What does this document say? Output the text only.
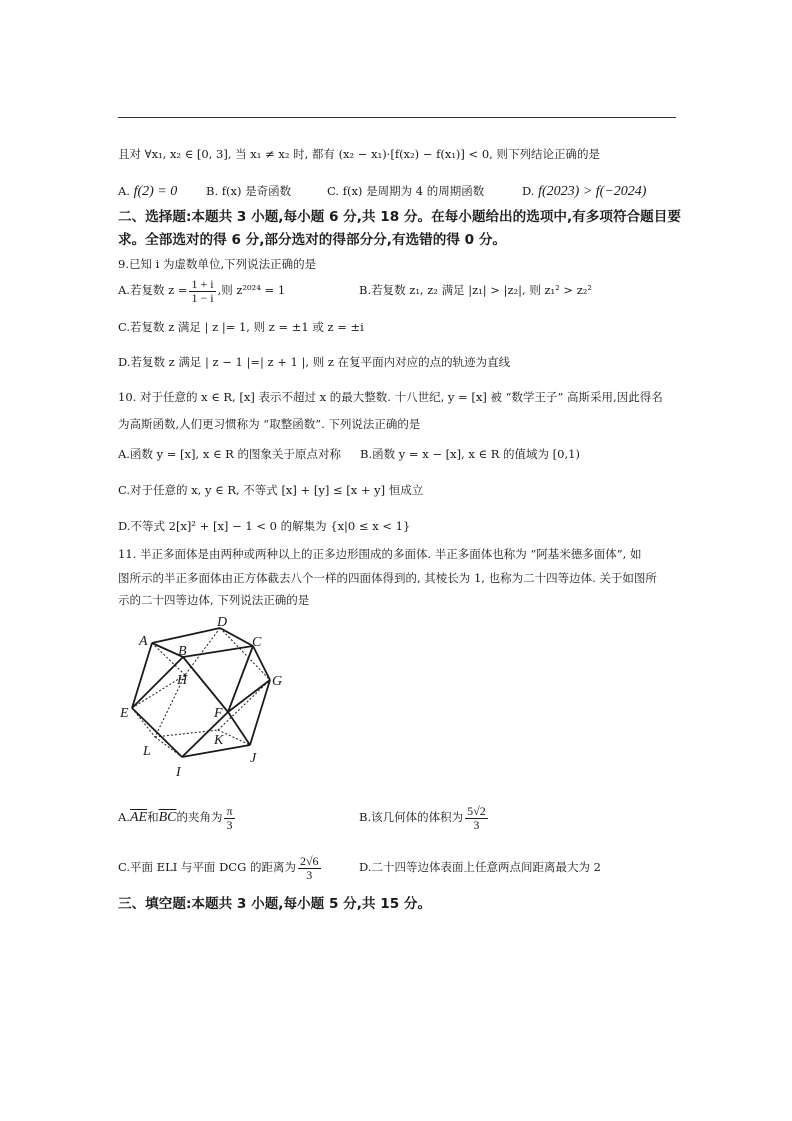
且对 ∀x₁, x₂ ∈ [0, 3], 当 x₁ ≠ x₂ 时, 都有 (x₂ − x₁)·[f(x₂) − f(x₁)] < 0, 则下列结论正确的是
A. f(2) = 0 B. f(x) 是奇函数	C. f(x) 是周期为 4 的周期函数	D. f(2023) > f(−2024)
二、选择题:本题共 3 小题,每小题 6 分,共 18 分。在每小题给出的选项中,有多项符合题目要
求。全部选对的得 6 分,部分选对的得部分分,有选错的得 0 分。
9.已知 i 为虚数单位,下列说法正确的是
A.若复数 $z = \frac{1 + i}{1 - i}$ ,则 z²⁰²⁴ = 1	B.若复数 z₁, z₂ 满足 |z₁| > |z₂|, 则 z₁² > z₂²
C.若复数 z 满足 | z |= 1, 则 z = ±1 或 z = ±i
D.若复数 z 满足 | z − 1 |=| z + 1 |, 则 z 在复平面内对应的点的轨迹为直线
10. 对于任意的 x ∈ R, [x] 表示不超过 x 的最大整数. 十八世纪, y = [x] 被 “数学王子” 高斯采用,因此得名
为高斯函数,人们更习惯称为 “取整函数”. 下列说法正确的是
A.函数 y = [x], x ∈ R 的图象关于原点对称 B.函数 y = x − [x], x ∈ R 的值域为 [0,1)
C.对于任意的 x, y ∈ R, 不等式 [x] + [y] ≤ [x + y] 恒成立
D.不等式 2[x]² + [x] − 1 < 0 的解集为 {x|0 ≤ x < 1}
11. 半正多面体是由两种或两种以上的正多边形围成的多面体. 半正多面体也称为 “阿基米德多面体”, 如
图所示的半正多面体由正方体截去八个一样的四面体得到的, 其棱长为 1, 也称为二十四等边体. 关于如图所
示的二十四等边体, 下列说法正确的是
A
B
C
D
E	F
G
H
I
J
K
L
$A.\overline{AE}$和$\overline{BC}$的夹角为 $\frac{\pi}{3}$	B.该几何体的体积为 $\frac{5√2}{3}$
C.平面 ELI 与平面 DCG 的距离为 $\frac{2√6}{3}$	D.二十四等边体表面上任意两点间距离最大为 2
三、填空题:本题共 3 小题,每小题 5 分,共 15 分。
